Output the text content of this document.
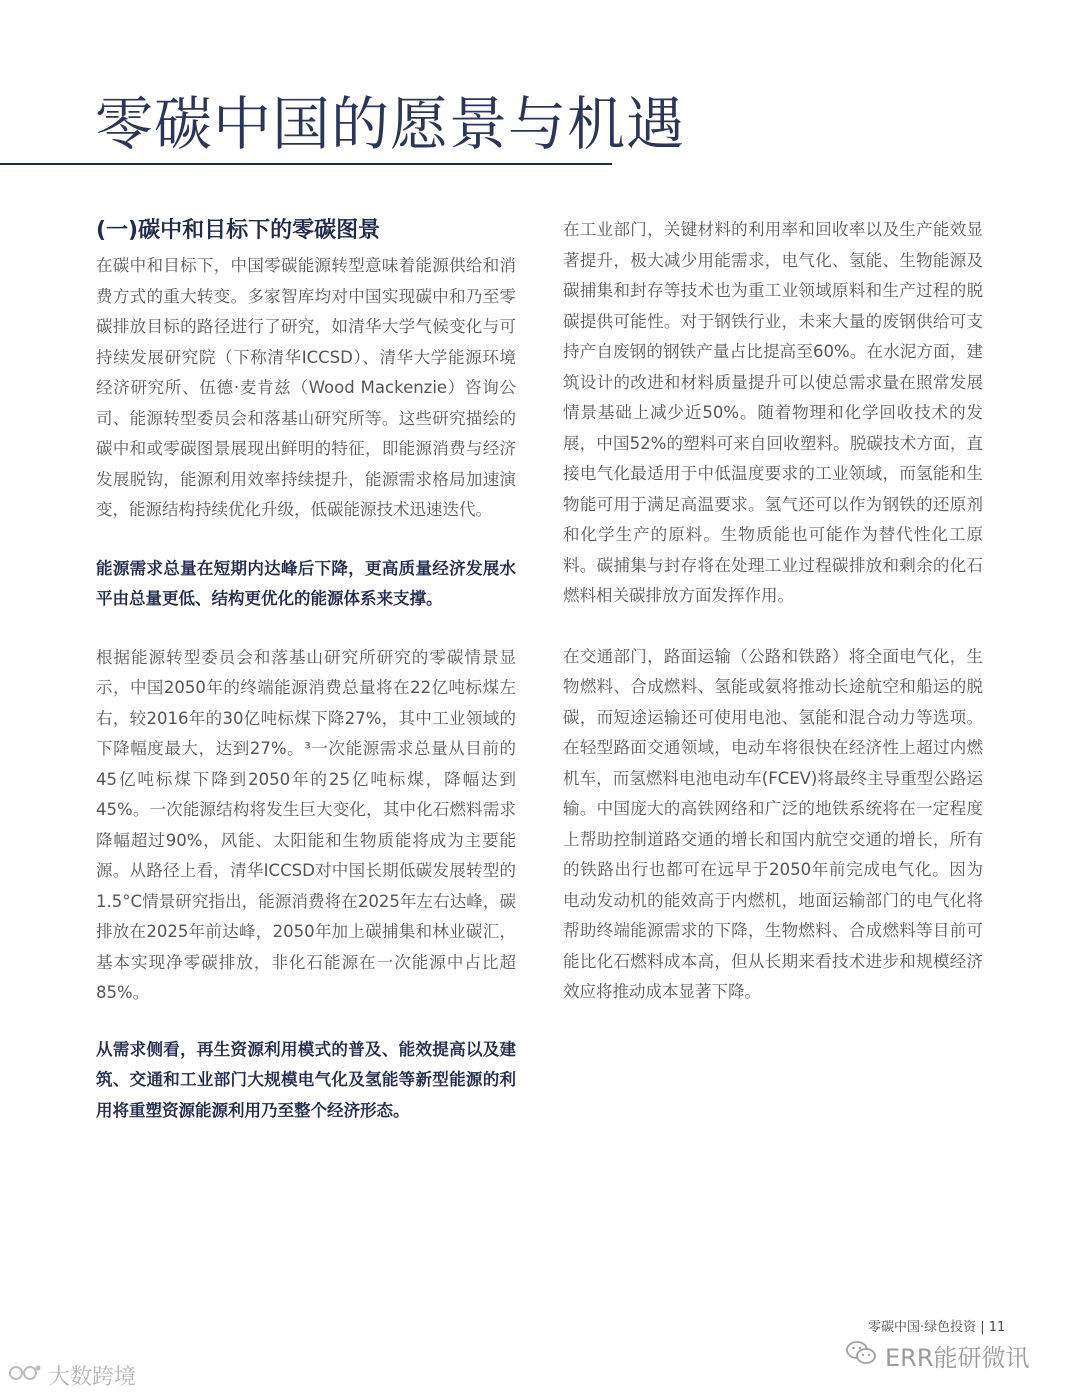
零碳中国的愿景与机遇
(一)碳中和目标下的零碳图景

在碳中和目标下，中国零碳能源转型意味着能源供给和消费方式的重大转变。多家智库均对中国实现碳中和乃至零碳排放目标的路径进行了研究，如清华大学气候变化与可持续发展研究院（下称清华ICCSD）、清华大学能源环境经济研究所、伍德·麦肯兹（Wood Mackenzie）咨询公司、能源转型委员会和落基山研究所等。这些研究描绘的碳中和或零碳图景展现出鲜明的特征，即能源消费与经济发展脱钩，能源利用效率持续提升，能源需求格局加速演变，能源结构持续优化升级，低碳能源技术迅速迭代。

能源需求总量在短期内达峰后下降，更高质量经济发展水平由总量更低、结构更优化的能源体系来支撑。

根据能源转型委员会和落基山研究所研究的零碳情景显示，中国2050年的终端能源消费总量将在22亿吨标煤左右，较2016年的30亿吨标煤下降27%，其中工业领域的下降幅度最大，达到27%。³一次能源需求总量从目前的45亿吨标煤下降到2050年的25亿吨标煤，降幅达到45%。一次能源结构将发生巨大变化，其中化石燃料需求降幅超过90%，风能、太阳能和生物质能将成为主要能源。从路径上看，清华ICCSD对中国长期低碳发展转型的1.5°C情景研究指出，能源消费将在2025年左右达峰，碳排放在2025年前达峰，2050年加上碳捕集和林业碳汇，基本实现净零碳排放，非化石能源在一次能源中占比超85%。

从需求侧看，再生资源利用模式的普及、能效提高以及建筑、交通和工业部门大规模电气化及氢能等新型能源的利用将重塑资源能源利用乃至整个经济形态。

在工业部门，关键材料的利用率和回收率以及生产能效显著提升，极大减少用能需求，电气化、氢能、生物能源及碳捕集和封存等技术也为重工业领域原料和生产过程的脱碳提供可能性。对于钢铁行业，未来大量的废钢供给可支持产自废钢的钢铁产量占比提高至60%。在水泥方面，建筑设计的改进和材料质量提升可以使总需求量在照常发展情景基础上减少近50%。随着物理和化学回收技术的发展，中国52%的塑料可来自回收塑料。脱碳技术方面，直接电气化最适用于中低温度要求的工业领域，而氢能和生物能可用于满足高温要求。氢气还可以作为钢铁的还原剂和化学生产的原料。生物质能也可能作为替代性化工原料。碳捕集与封存将在处理工业过程碳排放和剩余的化石燃料相关碳排放方面发挥作用。

在交通部门，路面运输（公路和铁路）将全面电气化，生物燃料、合成燃料、氢能或氨将推动长途航空和船运的脱碳，而短途运输还可使用电池、氢能和混合动力等选项。在轻型路面交通领域，电动车将很快在经济性上超过内燃机车，而氢燃料电池电动车(FCEV)将最终主导重型公路运输。中国庞大的高铁网络和广泛的地铁系统将在一定程度上帮助控制道路交通的增长和国内航空交通的增长，所有的铁路出行也都可在远早于2050年前完成电气化。因为电动发动机的能效高于内燃机，地面运输部门的电气化将帮助终端能源需求的下降，生物燃料、合成燃料等目前可能比化石燃料成本高，但从长期来看技术进步和规模经济效应将推动成本显著下降。

零碳中国·绿色投资 | 11
大数跨境
ERR能研微讯
